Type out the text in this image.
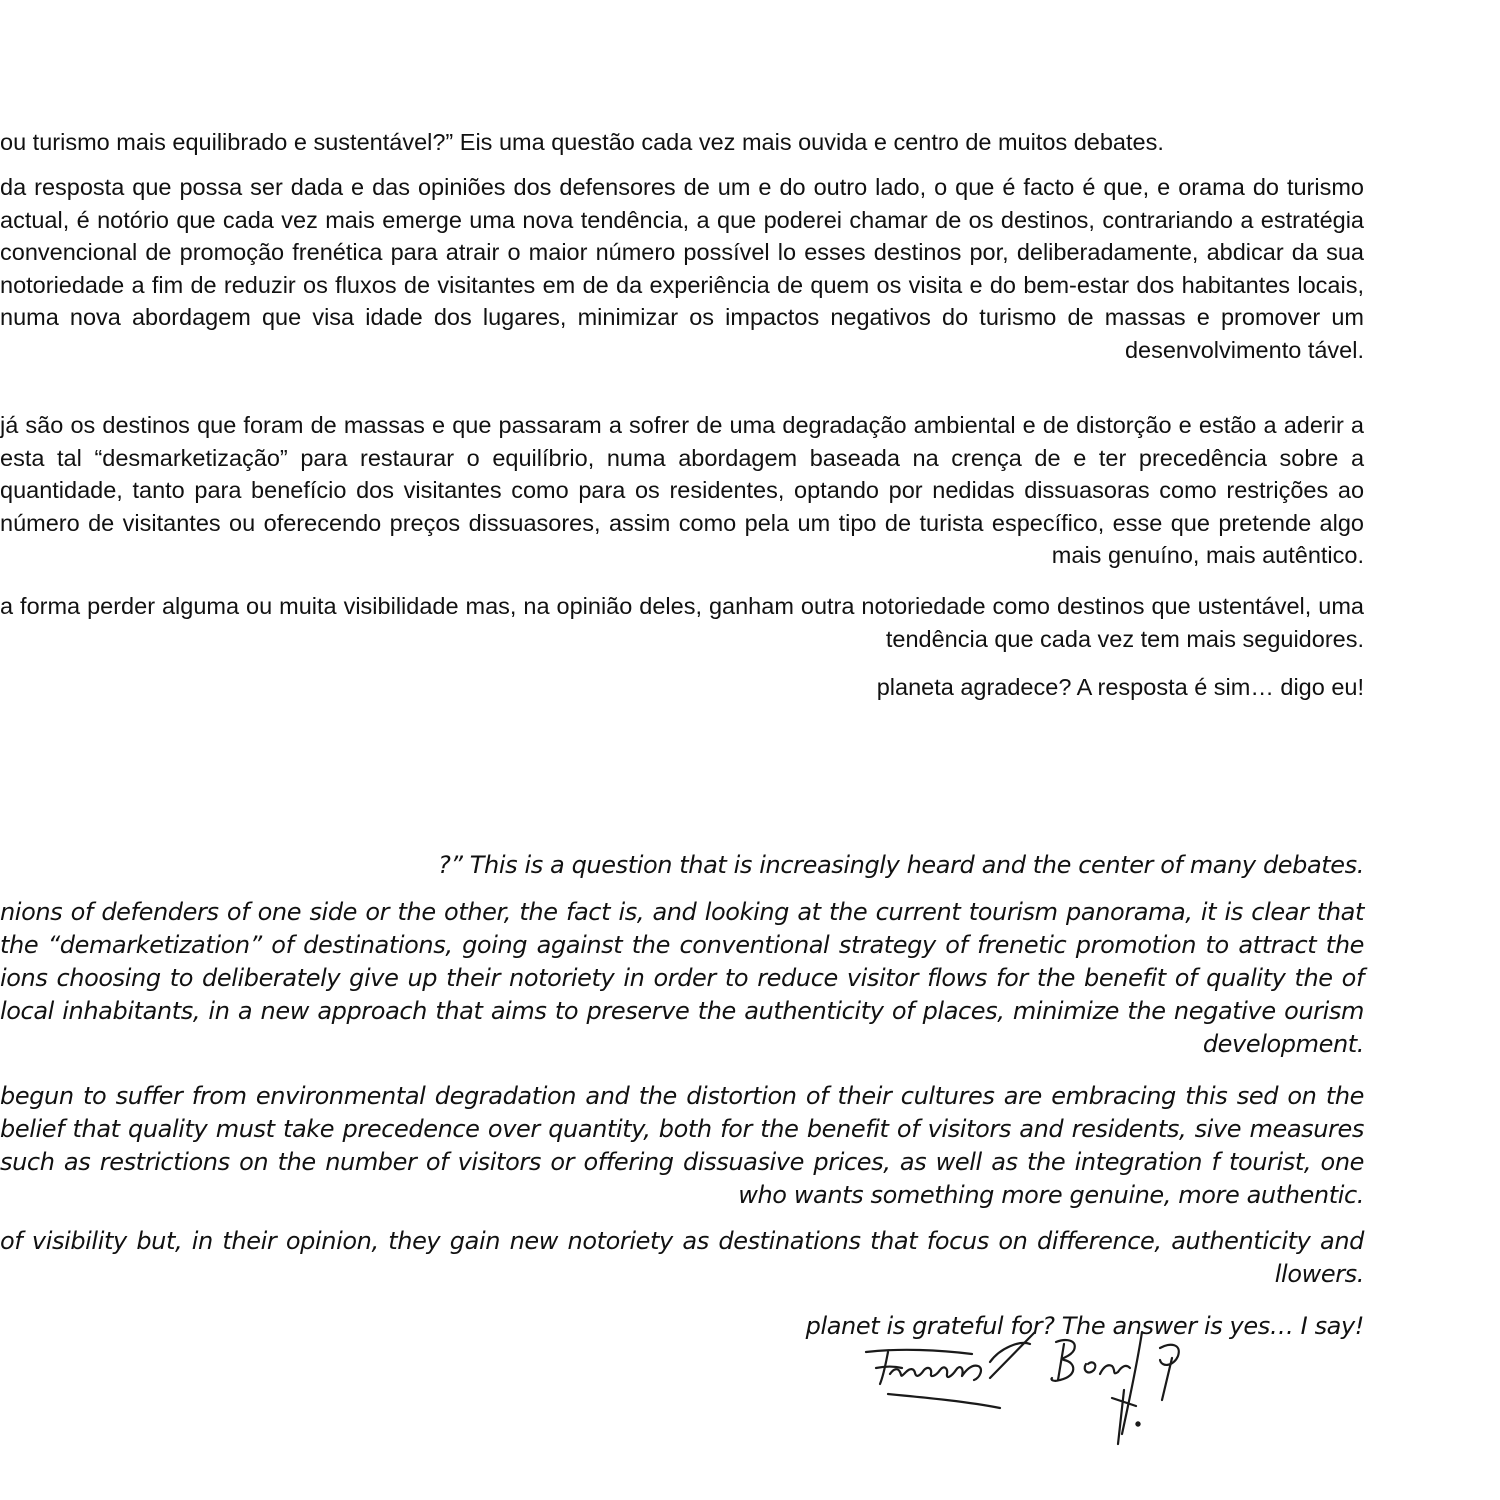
ou turismo mais equilibrado e sustentável?” Eis uma questão cada vez mais ouvida e centro de muitos debates.
da resposta que possa ser dada e das opiniões dos defensores de um e do outro lado, o que é facto é que, e orama do turismo actual, é notório que cada vez mais emerge uma nova tendência, a que poderei chamar de os destinos, contrariando a estratégia convencional de promoção frenética para atrair o maior número possível lo esses destinos por, deliberadamente, abdicar da sua notoriedade a fim de reduzir os fluxos de visitantes em de da experiência de quem os visita e do bem-estar dos habitantes locais, numa nova abordagem que visa idade dos lugares, minimizar os impactos negativos do turismo de massas e promover um desenvolvimento tável.
já são os destinos que foram de massas e que passaram a sofrer de uma degradação ambiental e de distorção e estão a aderir a esta tal “desmarketização” para restaurar o equilíbrio, numa abordagem baseada na crença de e ter precedência sobre a quantidade, tanto para benefício dos visitantes como para os residentes, optando por nedidas dissuasoras como restrições ao número de visitantes ou oferecendo preços dissuasores, assim como pela um tipo de turista específico, esse que pretende algo mais genuíno, mais autêntico.
a forma perder alguma ou muita visibilidade mas, na opinião deles, ganham outra notoriedade como destinos que ustentável, uma tendência que cada vez tem mais seguidores.
planeta agradece? A resposta é sim… digo eu!
?” This is a question that is increasingly heard and the center of many debates.
nions of defenders of one side or the other, the fact is, and looking at the current tourism panorama, it is clear that the “demarketization” of destinations, going against the conventional strategy of frenetic promotion to attract the ions choosing to deliberately give up their notoriety in order to reduce visitor flows for the benefit of quality the of local inhabitants, in a new approach that aims to preserve the authenticity of places, minimize the negative ourism development.
begun to suffer from environmental degradation and the distortion of their cultures are embracing this sed on the belief that quality must take precedence over quantity, both for the benefit of visitors and residents, sive measures such as restrictions on the number of visitors or offering dissuasive prices, as well as the integration f tourist, one who wants something more genuine, more authentic.
of visibility but, in their opinion, they gain new notoriety as destinations that focus on difference, authenticity and llowers.
planet is grateful for? The answer is yes… I say!
